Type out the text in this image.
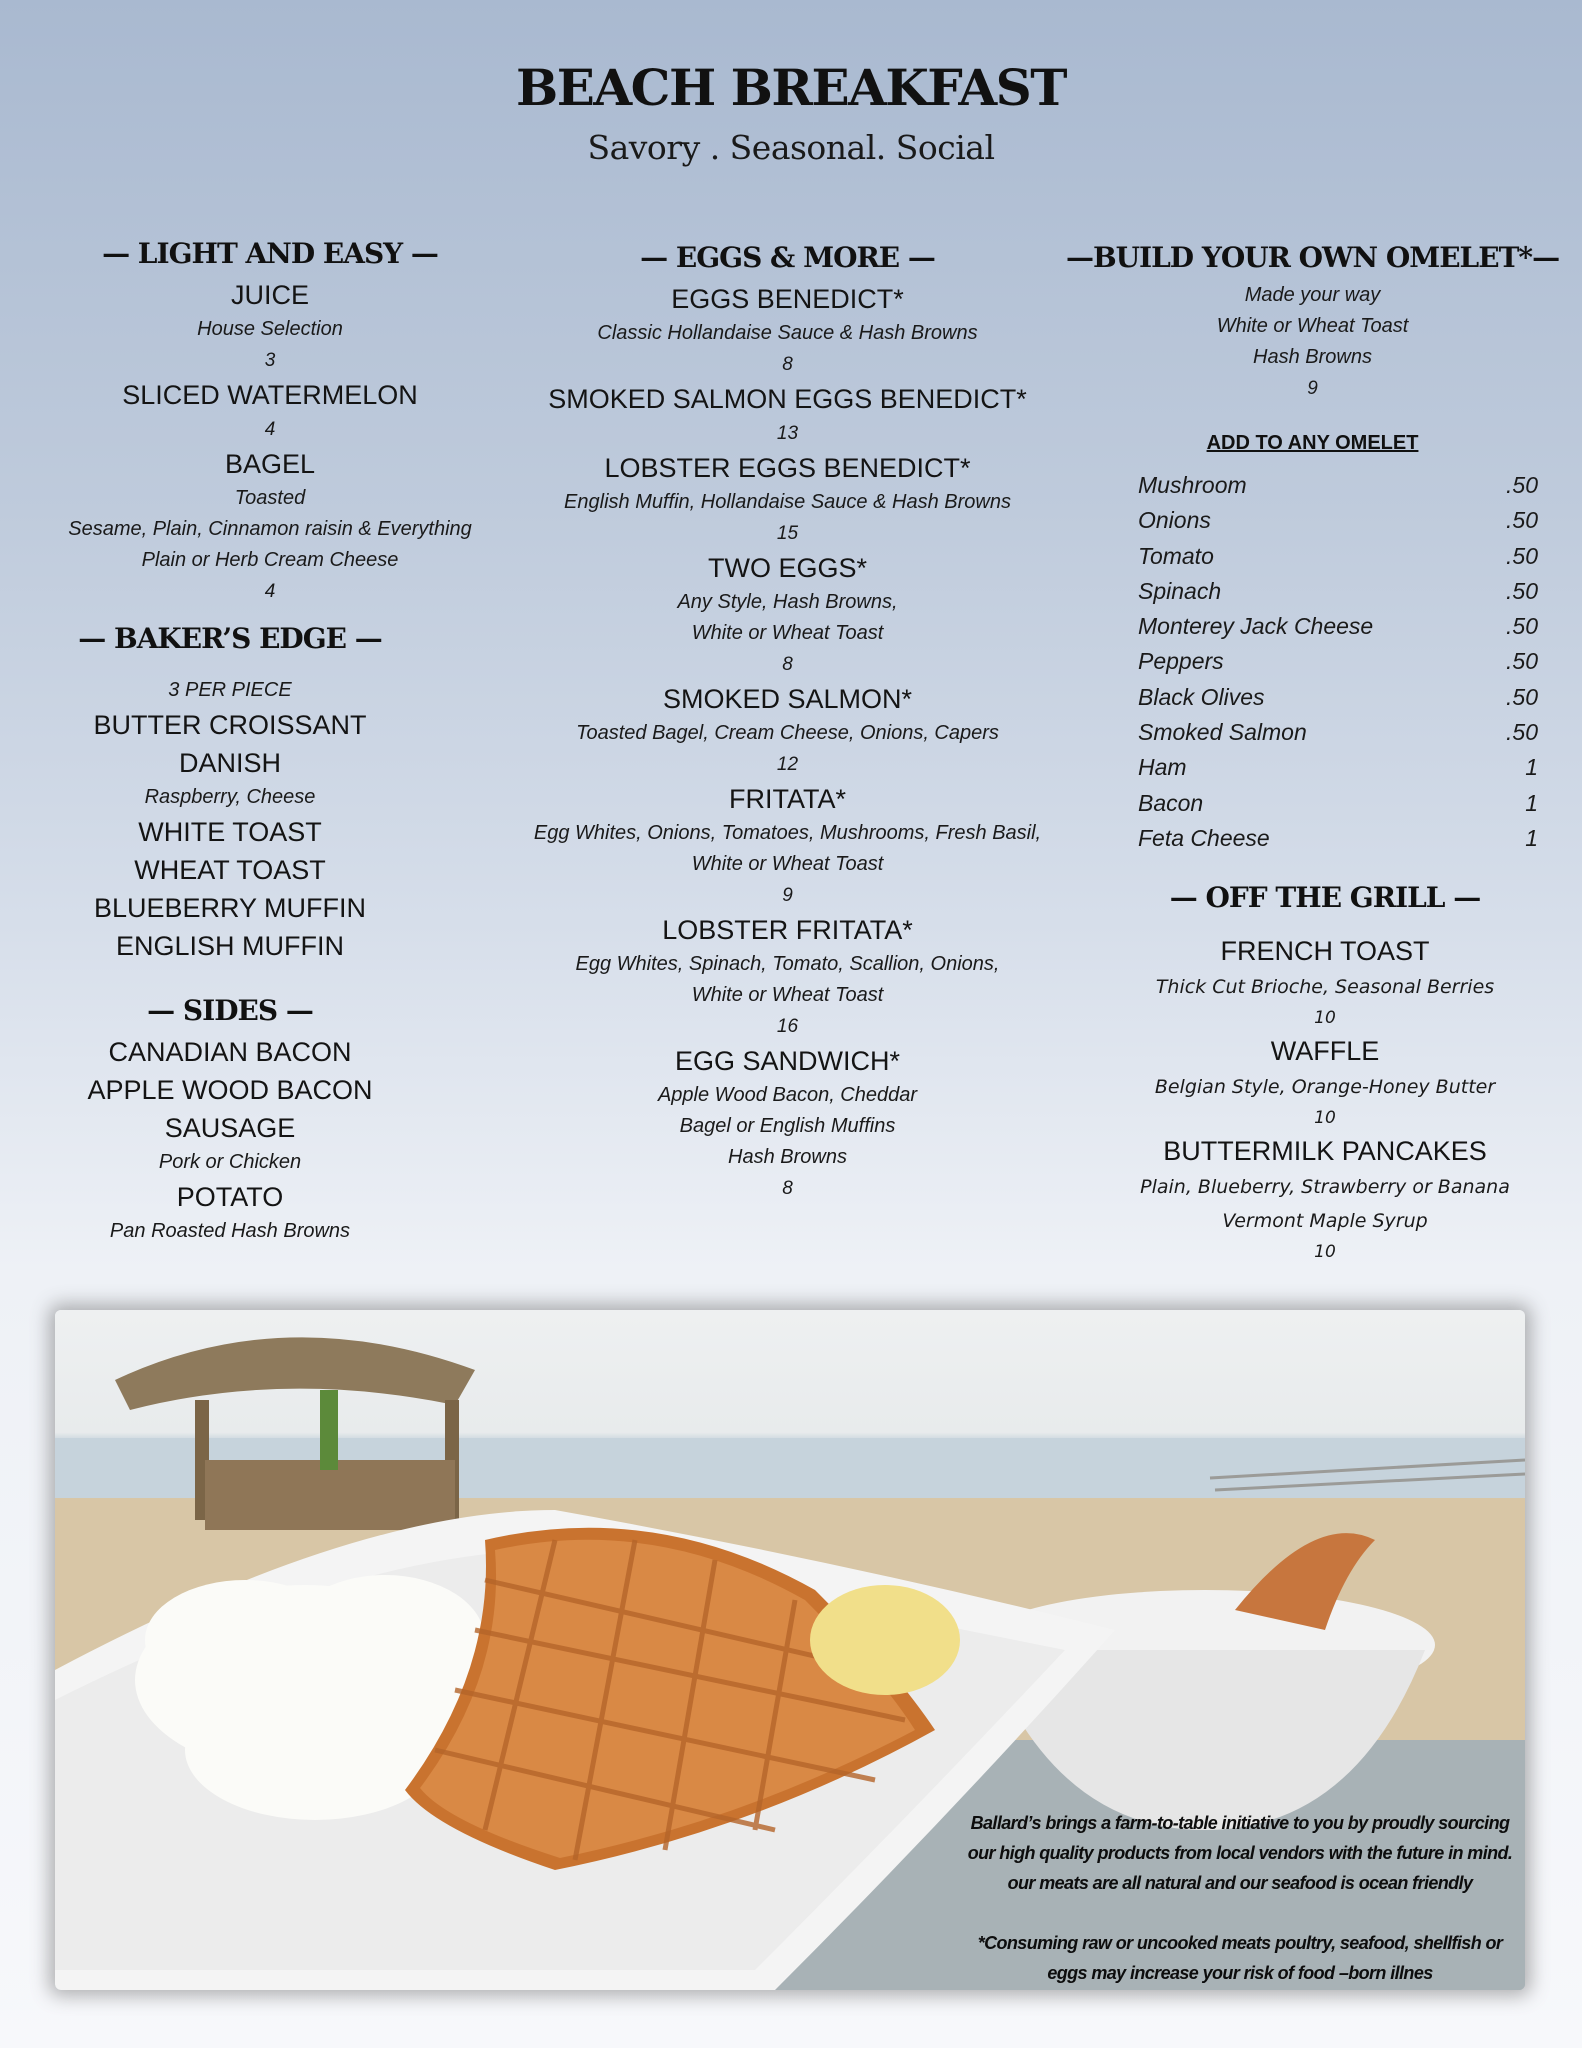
BEACH BREAKFAST
Savory . Seasonal. Social
— LIGHT AND EASY —
JUICE
House Selection
3
SLICED WATERMELON
4
BAGEL
Toasted
Sesame, Plain, Cinnamon raisin & Everything
Plain or Herb Cream Cheese
4
— BAKER’S EDGE —
3 PER PIECE
BUTTER CROISSANT
DANISH
Raspberry, Cheese
WHITE TOAST
WHEAT TOAST
BLUEBERRY MUFFIN
ENGLISH MUFFIN
— SIDES —
CANADIAN BACON
APPLE WOOD BACON
SAUSAGE
Pork or Chicken
POTATO
Pan Roasted Hash Browns
— EGGS & MORE —
EGGS BENEDICT*
Classic Hollandaise Sauce & Hash Browns
8
SMOKED SALMON EGGS BENEDICT*
13
LOBSTER EGGS BENEDICT*
English Muffin, Hollandaise Sauce & Hash Browns
15
TWO EGGS*
Any Style, Hash Browns,
White or Wheat Toast
8
SMOKED SALMON*
Toasted Bagel, Cream Cheese, Onions, Capers
12
FRITATA*
Egg Whites, Onions, Tomatoes, Mushrooms, Fresh Basil,
White or Wheat Toast
9
LOBSTER FRITATA*
Egg Whites, Spinach, Tomato, Scallion, Onions,
White or Wheat Toast
16
EGG SANDWICH*
Apple Wood Bacon, Cheddar
Bagel or English Muffins
Hash Browns
8
—BUILD YOUR OWN OMELET*—
Made your way
White or Wheat Toast
Hash Browns
9
ADD TO ANY OMELET
Mushroom	.50
Onions	.50
Tomato	.50
Spinach	.50
Monterey Jack Cheese	.50
Peppers	.50
Black Olives	.50
Smoked Salmon	.50
Ham	1
Bacon	1
Feta Cheese	1
— OFF THE GRILL —
FRENCH TOAST
Thick Cut Brioche, Seasonal Berries
10
WAFFLE
Belgian Style, Orange-Honey Butter
10
BUTTERMILK PANCAKES
Plain, Blueberry, Strawberry or Banana
Vermont Maple Syrup
10

Ballard’s brings a farm-to-table initiative to you by proudly sourcing

our high quality products from local vendors with the future in mind.

our meats are all natural and our seafood is ocean friendly

*Consuming raw or uncooked meats poultry, seafood, shellfish or

eggs may increase your risk of food –born illnes
